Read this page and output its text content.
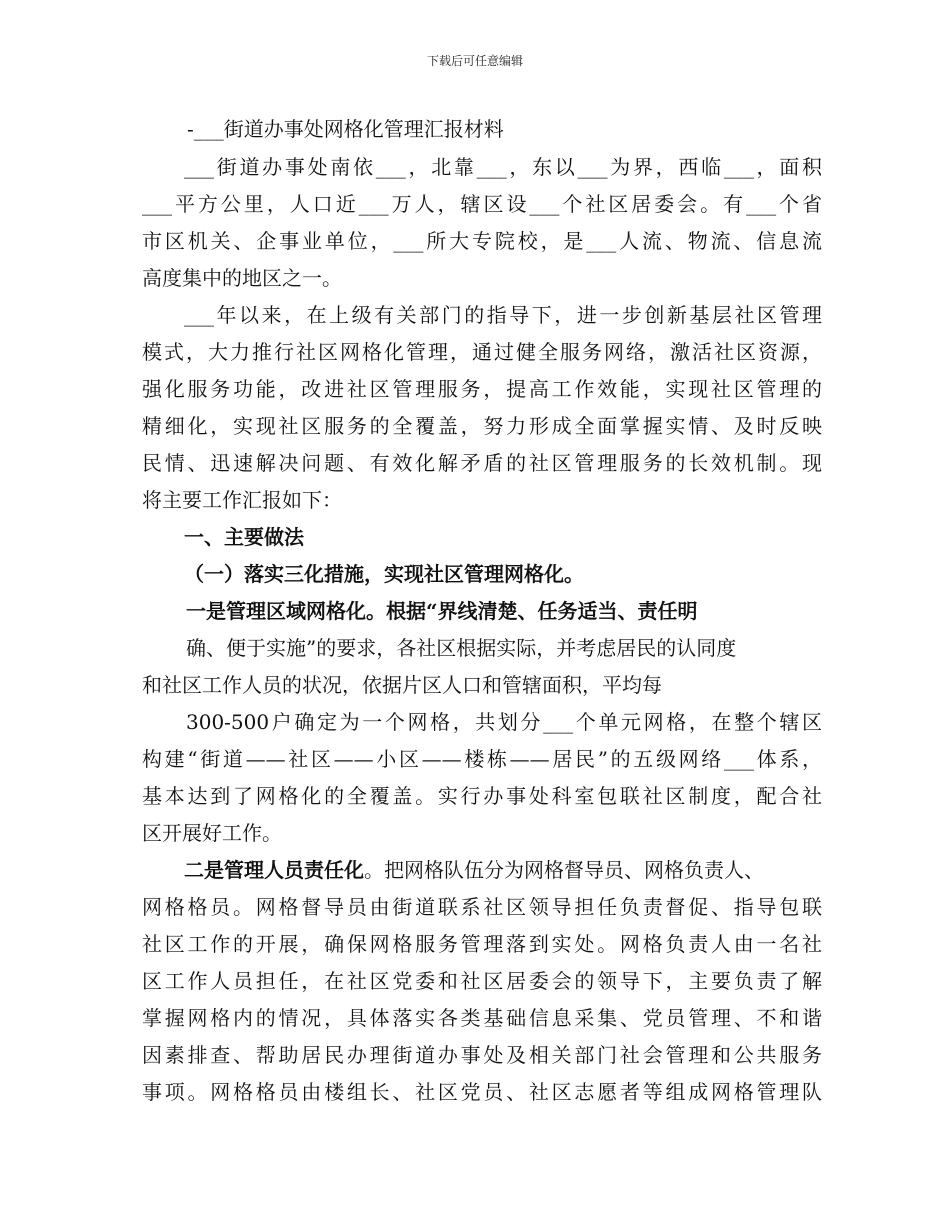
下载后可任意编辑
-___街道办事处网格化管理汇报材料
___街道办事处南依___，北靠___，东以___为界，西临___，面积
___平方公里，人口近___万人，辖区设___个社区居委会。有___个省
市区机关、企事业单位，___所大专院校，是___人流、物流、信息流
高度集中的地区之一。
___年以来，在上级有关部门的指导下，进一步创新基层社区管理
模式，大力推行社区网格化管理，通过健全服务网络，激活社区资源，
强化服务功能，改进社区管理服务，提高工作效能，实现社区管理的
精细化，实现社区服务的全覆盖，努力形成全面掌握实情、及时反映
民情、迅速解决问题、有效化解矛盾的社区管理服务的长效机制。现
将主要工作汇报如下：
一、主要做法
（一）落实三化措施，实现社区管理网格化。
一是管理区域网格化。根据“界线清楚、任务适当、责任明
确、便于实施”的要求，各社区根据实际，并考虑居民的认同度
和社区工作人员的状况，依据片区人口和管辖面积，平均每
300-500户确定为一个网格，共划分___个单元网格，在整个辖区
构建“街道——社区——小区——楼栋——居民”的五级网络___体系，
基本达到了网格化的全覆盖。实行办事处科室包联社区制度，配合社
区开展好工作。
二是管理人员责任化。把网格队伍分为网格督导员、网格负责人、
网格格员。网格督导员由街道联系社区领导担任负责督促、指导包联
社区工作的开展，确保网格服务管理落到实处。网格负责人由一名社
区工作人员担任，在社区党委和社区居委会的领导下，主要负责了解
掌握网格内的情况，具体落实各类基础信息采集、党员管理、不和谐
因素排查、帮助居民办理街道办事处及相关部门社会管理和公共服务
事项。网格格员由楼组长、社区党员、社区志愿者等组成网格管理队
